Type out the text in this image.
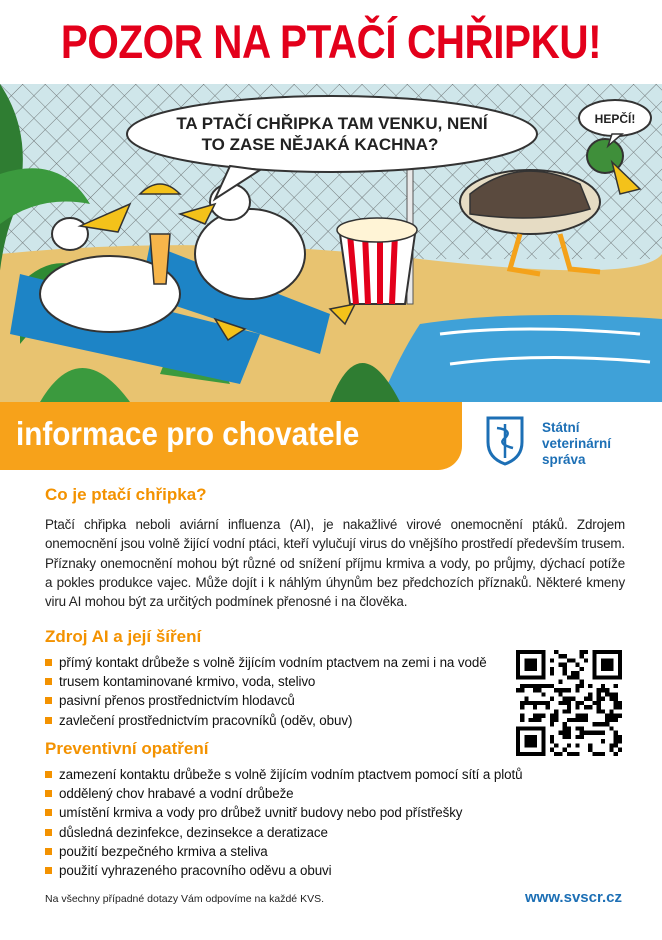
POZOR NA PTAČÍ CHŘIPKU!
TA PTAČÍ CHŘIPKA TAM VENKU, NENÍ
TO ZASE NĚJAKÁ KACHNA?
HEPČÍ!
informace pro chovatele	Státní
veterinární
správa
Co je ptačí chřipka?

Ptačí chřipka neboli aviární influenza (AI), je nakažlivé virové onemocnění ptáků. Zdrojem onemocnění jsou volně žijící vodní ptáci, kteří vylučují virus do vnějšího prostředí především trusem. Příznaky onemocnění mohou být různé od snížení příjmu krmiva a vody, po průjmy, dýchací potíže a pokles produkce vajec. Může dojít i k náhlým úhynům bez předchozích příznaků. Některé kmeny viru AI mohou být za určitých podmínek přenosné i na člověka.

Zdroj AI a její šíření
přímý kontakt drůbeže s volně žijícím vodním ptactvem na zemi i na vodě
trusem kontaminované krmivo, voda, stelivo
pasivní přenos prostřednictvím hlodavců
zavlečení prostřednictvím pracovníků (oděv, obuv)
Preventivní opatření
zamezení kontaktu drůbeže s volně žijícím vodním ptactvem pomocí sítí a plotů
oddělený chov hrabavé a vodní drůbeže
umístění krmiva a vody pro drůbež uvnitř budovy nebo pod přístřešky
důsledná dezinfekce, dezinsekce a deratizace
použití bezpečného krmiva a steliva
použití vyhrazeného pracovního oděvu a obuvi
Na všechny případné dotazy Vám odpovíme na každé KVS.	www.svscr.cz
